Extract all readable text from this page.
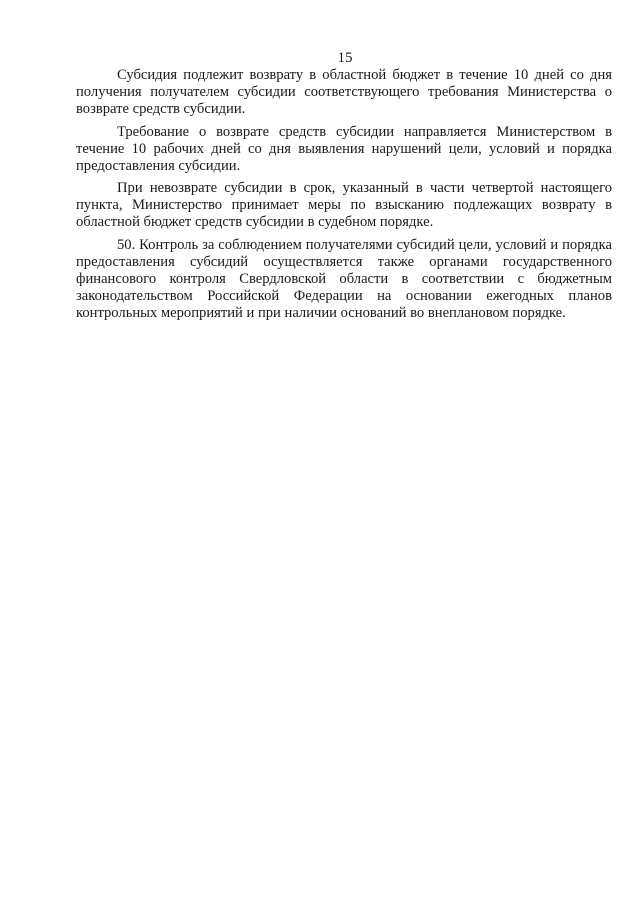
15

Субсидия подлежит возврату в областной бюджет в течение 10 дней со дня получения получателем субсидии соответствующего требования Министерства о возврате средств субсидии.

Требование о возврате средств субсидии направляется Министерством в течение 10 рабочих дней со дня выявления нарушений цели, условий и порядка предоставления субсидии.

При невозврате субсидии в срок, указанный в части четвертой настоящего пункта, Министерство принимает меры по взысканию подлежащих возврату в областной бюджет средств субсидии в судебном порядке.

50. Контроль за соблюдением получателями субсидий цели, условий и порядка предоставления субсидий осуществляется также органами государственного финансового контроля Свердловской области в соответствии с бюджетным законодательством Российской Федерации на основании ежегодных планов контрольных мероприятий и при наличии оснований во внеплановом порядке.
